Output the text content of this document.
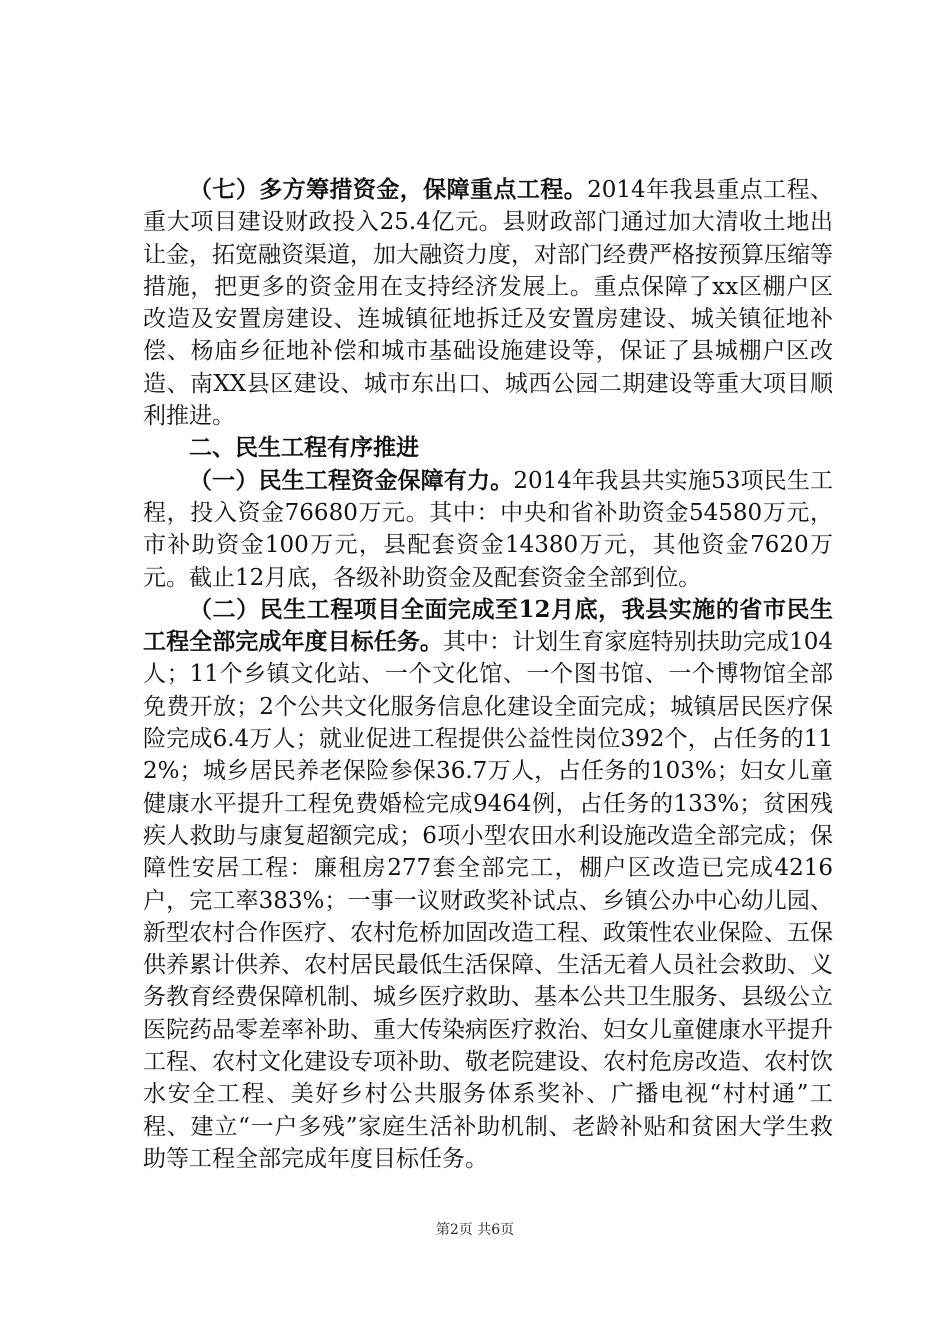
（七）多方筹措资金，保障重点工程。2014年我县重点工程、重大项目建设财政投入25.4亿元。县财政部门通过加大清收土地出让金，拓宽融资渠道，加大融资力度，对部门经费严格按预算压缩等措施，把更多的资金用在支持经济发展上。重点保障了xx区棚户区改造及安置房建设、连城镇征地拆迁及安置房建设、城关镇征地补偿、杨庙乡征地补偿和城市基础设施建设等，保证了县城棚户区改造、南XX县区建设、城市东出口、城西公园二期建设等重大项目顺利推进。

二、民生工程有序推进

（一）民生工程资金保障有力。2014年我县共实施53项民生工程，投入资金76680万元。其中：中央和省补助资金54580万元，市补助资金100万元，县配套资金14380万元，其他资金7620万元。截止12月底，各级补助资金及配套资金全部到位。

（二）民生工程项目全面完成至12月底，我县实施的省市民生工程全部完成年度目标任务。其中：计划生育家庭特别扶助完成104人；11个乡镇文化站、一个文化馆、一个图书馆、一个博物馆全部免费开放；2个公共文化服务信息化建设全面完成；城镇居民医疗保险完成6.4万人；就业促进工程提供公益性岗位392个，占任务的112%；城乡居民养老保险参保36.7万人，占任务的103%；妇女儿童健康水平提升工程免费婚检完成9464例，占任务的133%；贫困残疾人救助与康复超额完成；6项小型农田水利设施改造全部完成；保障性安居工程：廉租房277套全部完工，棚户区改造已完成4216户，完工率383%；一事一议财政奖补试点、乡镇公办中心幼儿园、新型农村合作医疗、农村危桥加固改造工程、政策性农业保险、五保供养累计供养、农村居民最低生活保障、生活无着人员社会救助、义务教育经费保障机制、城乡医疗救助、基本公共卫生服务、县级公立医院药品零差率补助、重大传染病医疗救治、妇女儿童健康水平提升工程、农村文化建设专项补助、敬老院建设、农村危房改造、农村饮水安全工程、美好乡村公共服务体系奖补、广播电视“村村通”工程、建立“一户多残”家庭生活补助机制、老龄补贴和贫困大学生救助等工程全部完成年度目标任务。

第2页 共6页
